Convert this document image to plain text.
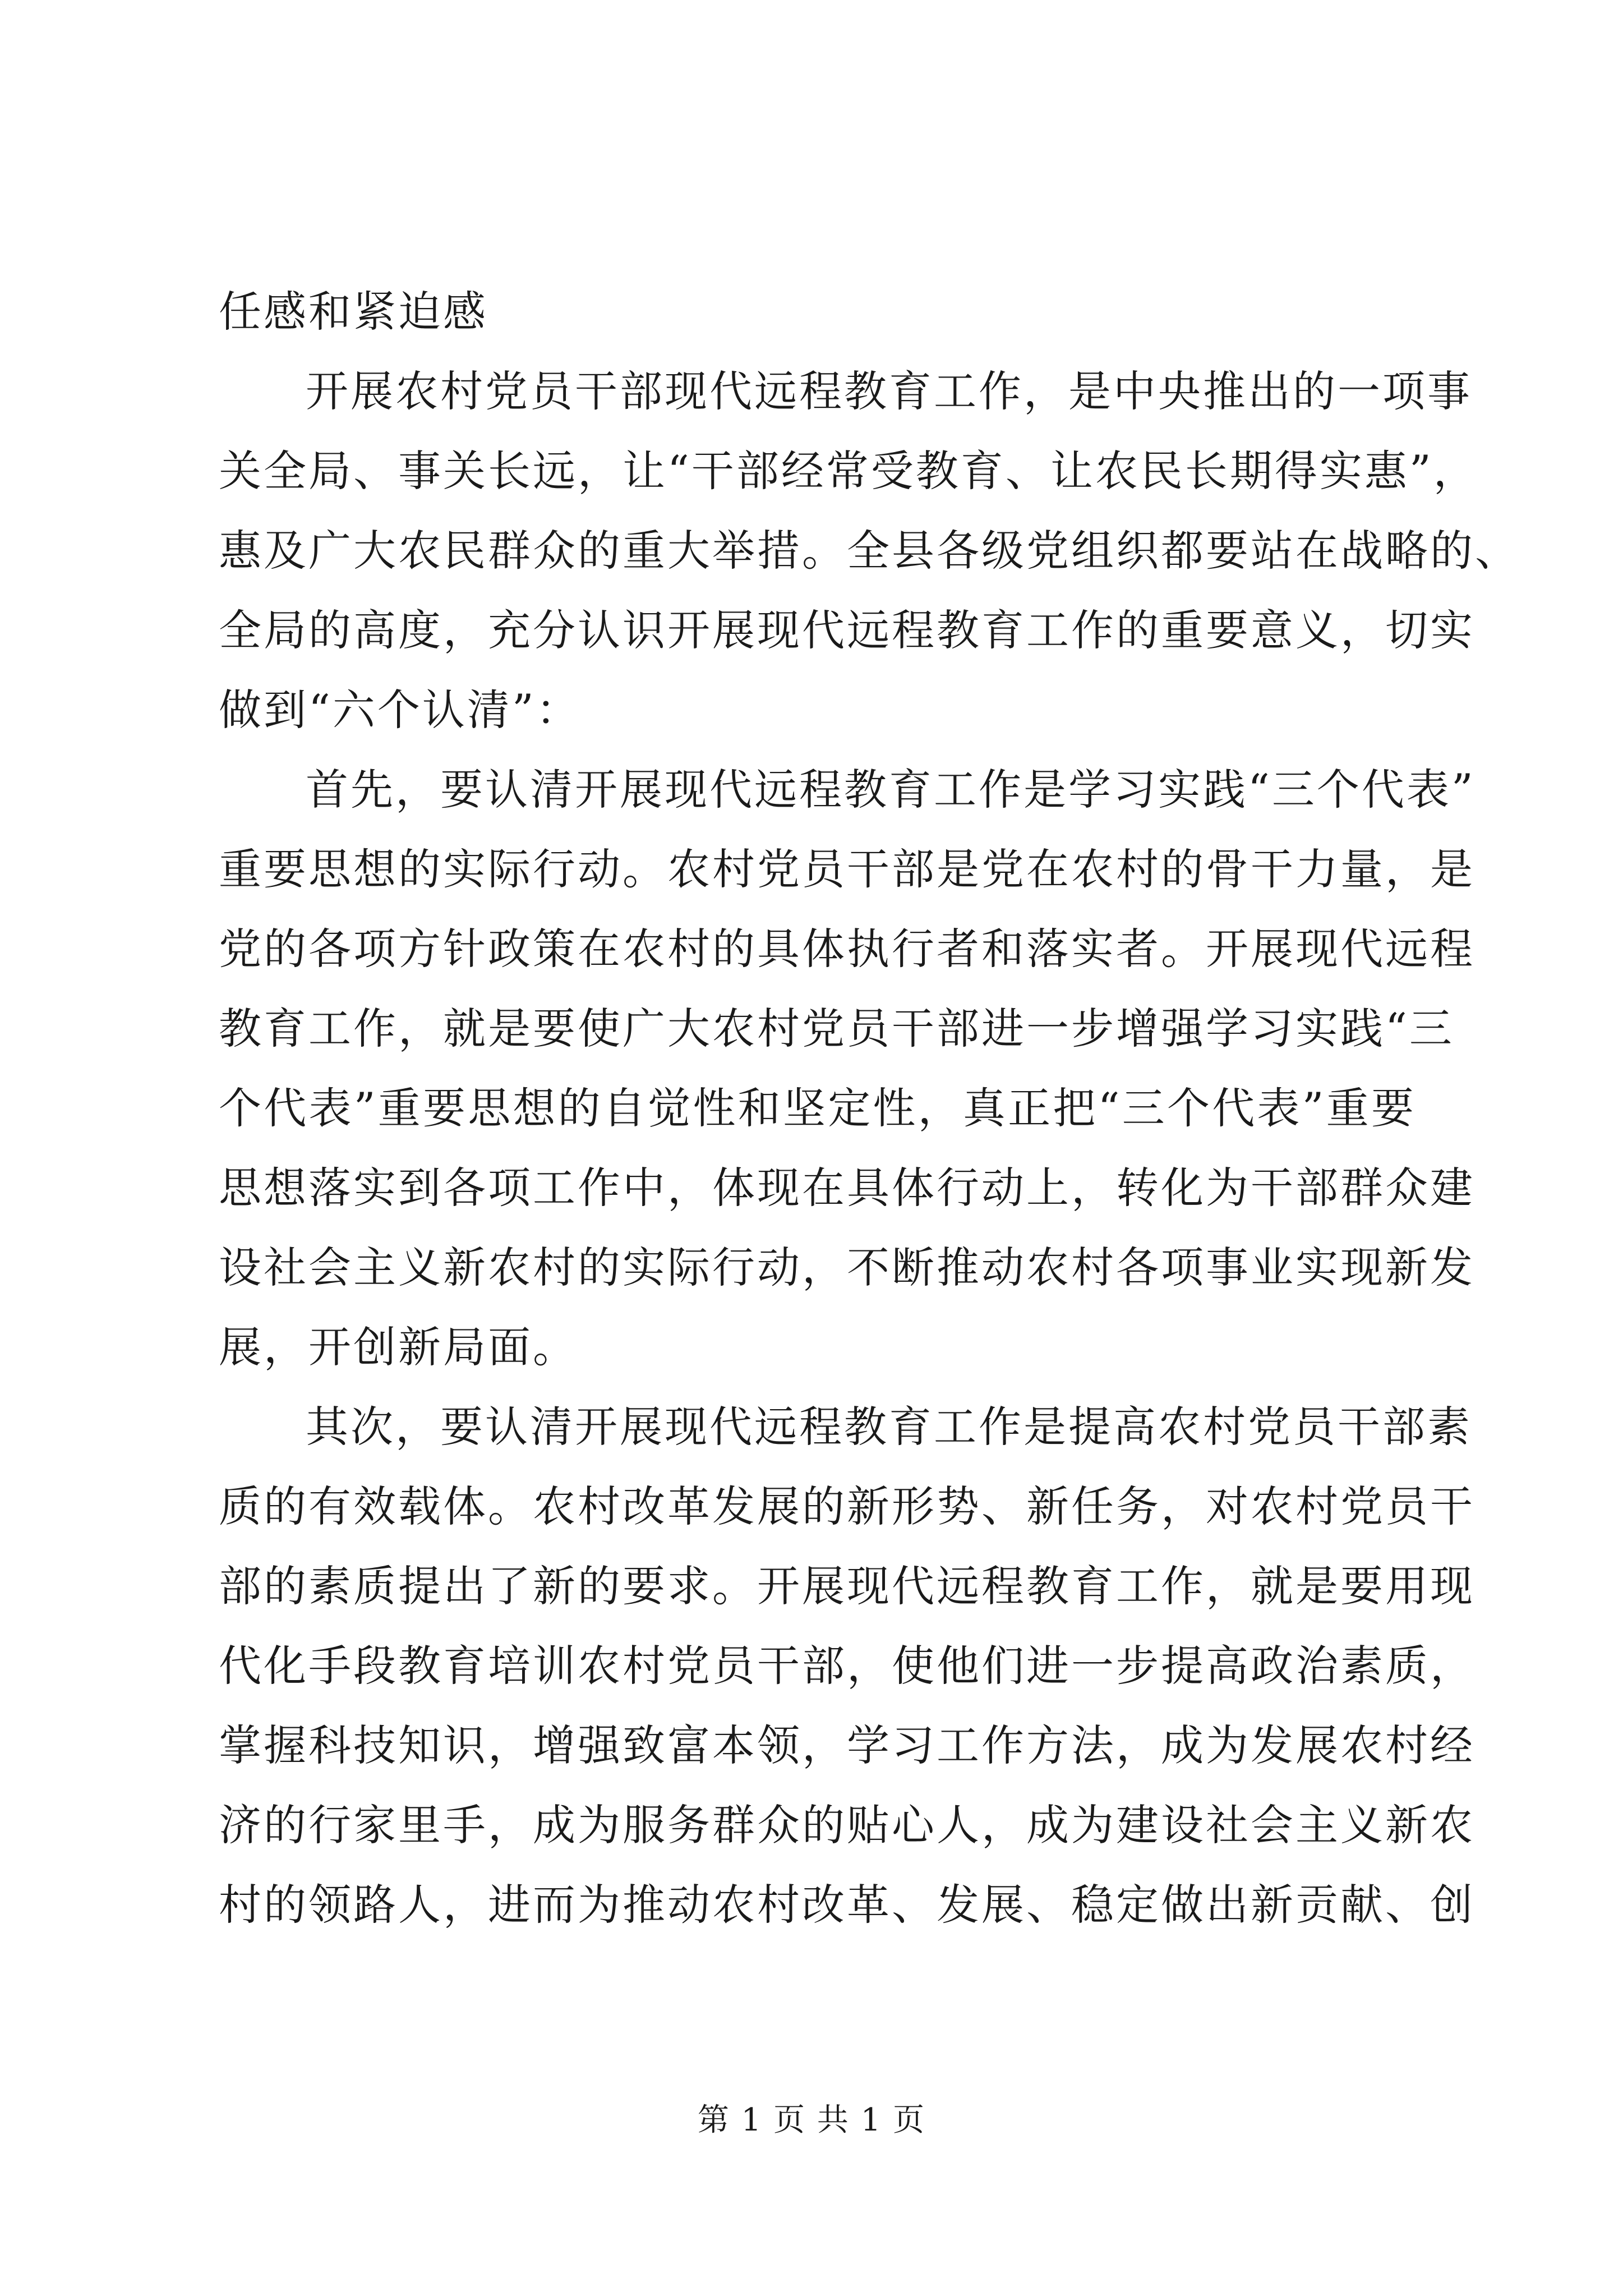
任感和紧迫感
开展农村党员干部现代远程教育工作，是中央推出的一项事
关全局、事关长远，让“干部经常受教育、让农民长期得实惠”，
惠及广大农民群众的重大举措。全县各级党组织都要站在战略的、
全局的高度，充分认识开展现代远程教育工作的重要意义，切实
做到“六个认清”：
首先，要认清开展现代远程教育工作是学习实践“三个代表”
重要思想的实际行动。农村党员干部是党在农村的骨干力量，是
党的各项方针政策在农村的具体执行者和落实者。开展现代远程
教育工作，就是要使广大农村党员干部进一步增强学习实践“三
个代表”重要思想的自觉性和坚定性，真正把“三个代表”重要
思想落实到各项工作中，体现在具体行动上，转化为干部群众建
设社会主义新农村的实际行动，不断推动农村各项事业实现新发
展，开创新局面。
其次，要认清开展现代远程教育工作是提高农村党员干部素
质的有效载体。农村改革发展的新形势、新任务，对农村党员干
部的素质提出了新的要求。开展现代远程教育工作，就是要用现
代化手段教育培训农村党员干部，使他们进一步提高政治素质，
掌握科技知识，增强致富本领，学习工作方法，成为发展农村经
济的行家里手，成为服务群众的贴心人，成为建设社会主义新农
村的领路人，进而为推动农村改革、发展、稳定做出新贡献、创
第 1 页 共 1 页
